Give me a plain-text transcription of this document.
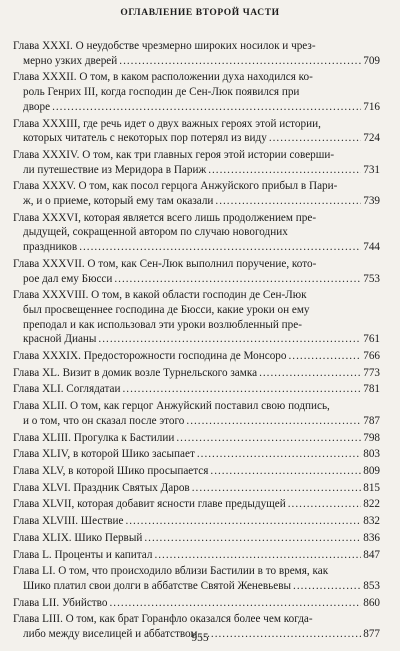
ОГЛАВЛЕНИЕ ВТОРОЙ ЧАСТИ
Глава XXXI. О неудобстве чрезмерно широких носилок и чрез-
мерно узких дверей .....	709
Глава XXXII. О том, в каком расположении духа находился ко-
роль Генрих III, когда господин де Сен-Люк появился при
дворе .....	716
Глава XXXIII, где речь идет о двух важных героях этой истории,
которых читатель с некоторых пор потерял из виду .....	724
Глава XXXIV. О том, как три главных героя этой истории соверши-
ли путешествие из Меридора в Париж .....	731
Глава XXXV. О том, как посол герцога Анжуйского прибыл в Пари-
ж, и о приеме, который ему там оказали .....	739
Глава XXXVI, которая является всего лишь продолжением пре-
дыдущей, сокращенной автором по случаю новогодних
праздников .....	744
Глава XXXVII. О том, как Сен-Люк выполнил поручение, кото-
рое дал ему Бюсси .....	753
Глава XXXVIII. О том, в какой области господин де Сен-Люк
был просвещеннее господина де Бюсси, какие уроки он ему
преподал и как использовал эти уроки возлюбленный пре-
красной Дианы .....	761
Глава XXXIX. Предосторожности господина де Монсоро .....	766
Глава XL. Визит в домик возле Турнельского замка .....	773
Глава XLI. Соглядатаи .....	781
Глава XLII. О том, как герцог Анжуйский поставил свою подпись,
и о том, что он сказал после этого .....	787
Глава XLIII. Прогулка к Бастилии .....	798
Глава XLIV, в которой Шико засыпает .....	803
Глава XLV, в которой Шико просыпается .....	809
Глава XLVI. Праздник Святых Даров .....	815
Глава XLVII, которая добавит ясности главе предыдущей .....	822
Глава XLVIII. Шествие .....	832
Глава XLIX. Шико Первый .....	836
Глава L. Проценты и капитал .....	847
Глава LI. О том, что происходило вблизи Бастилии в то время, как
Шико платил свои долги в аббатстве Святой Женевьевы .....	853
Глава LII. Убийство .....	860
Глава LIII. О том, как брат Горанфло оказался более чем когда-
либо между виселицей и аббатством .....	877
955
